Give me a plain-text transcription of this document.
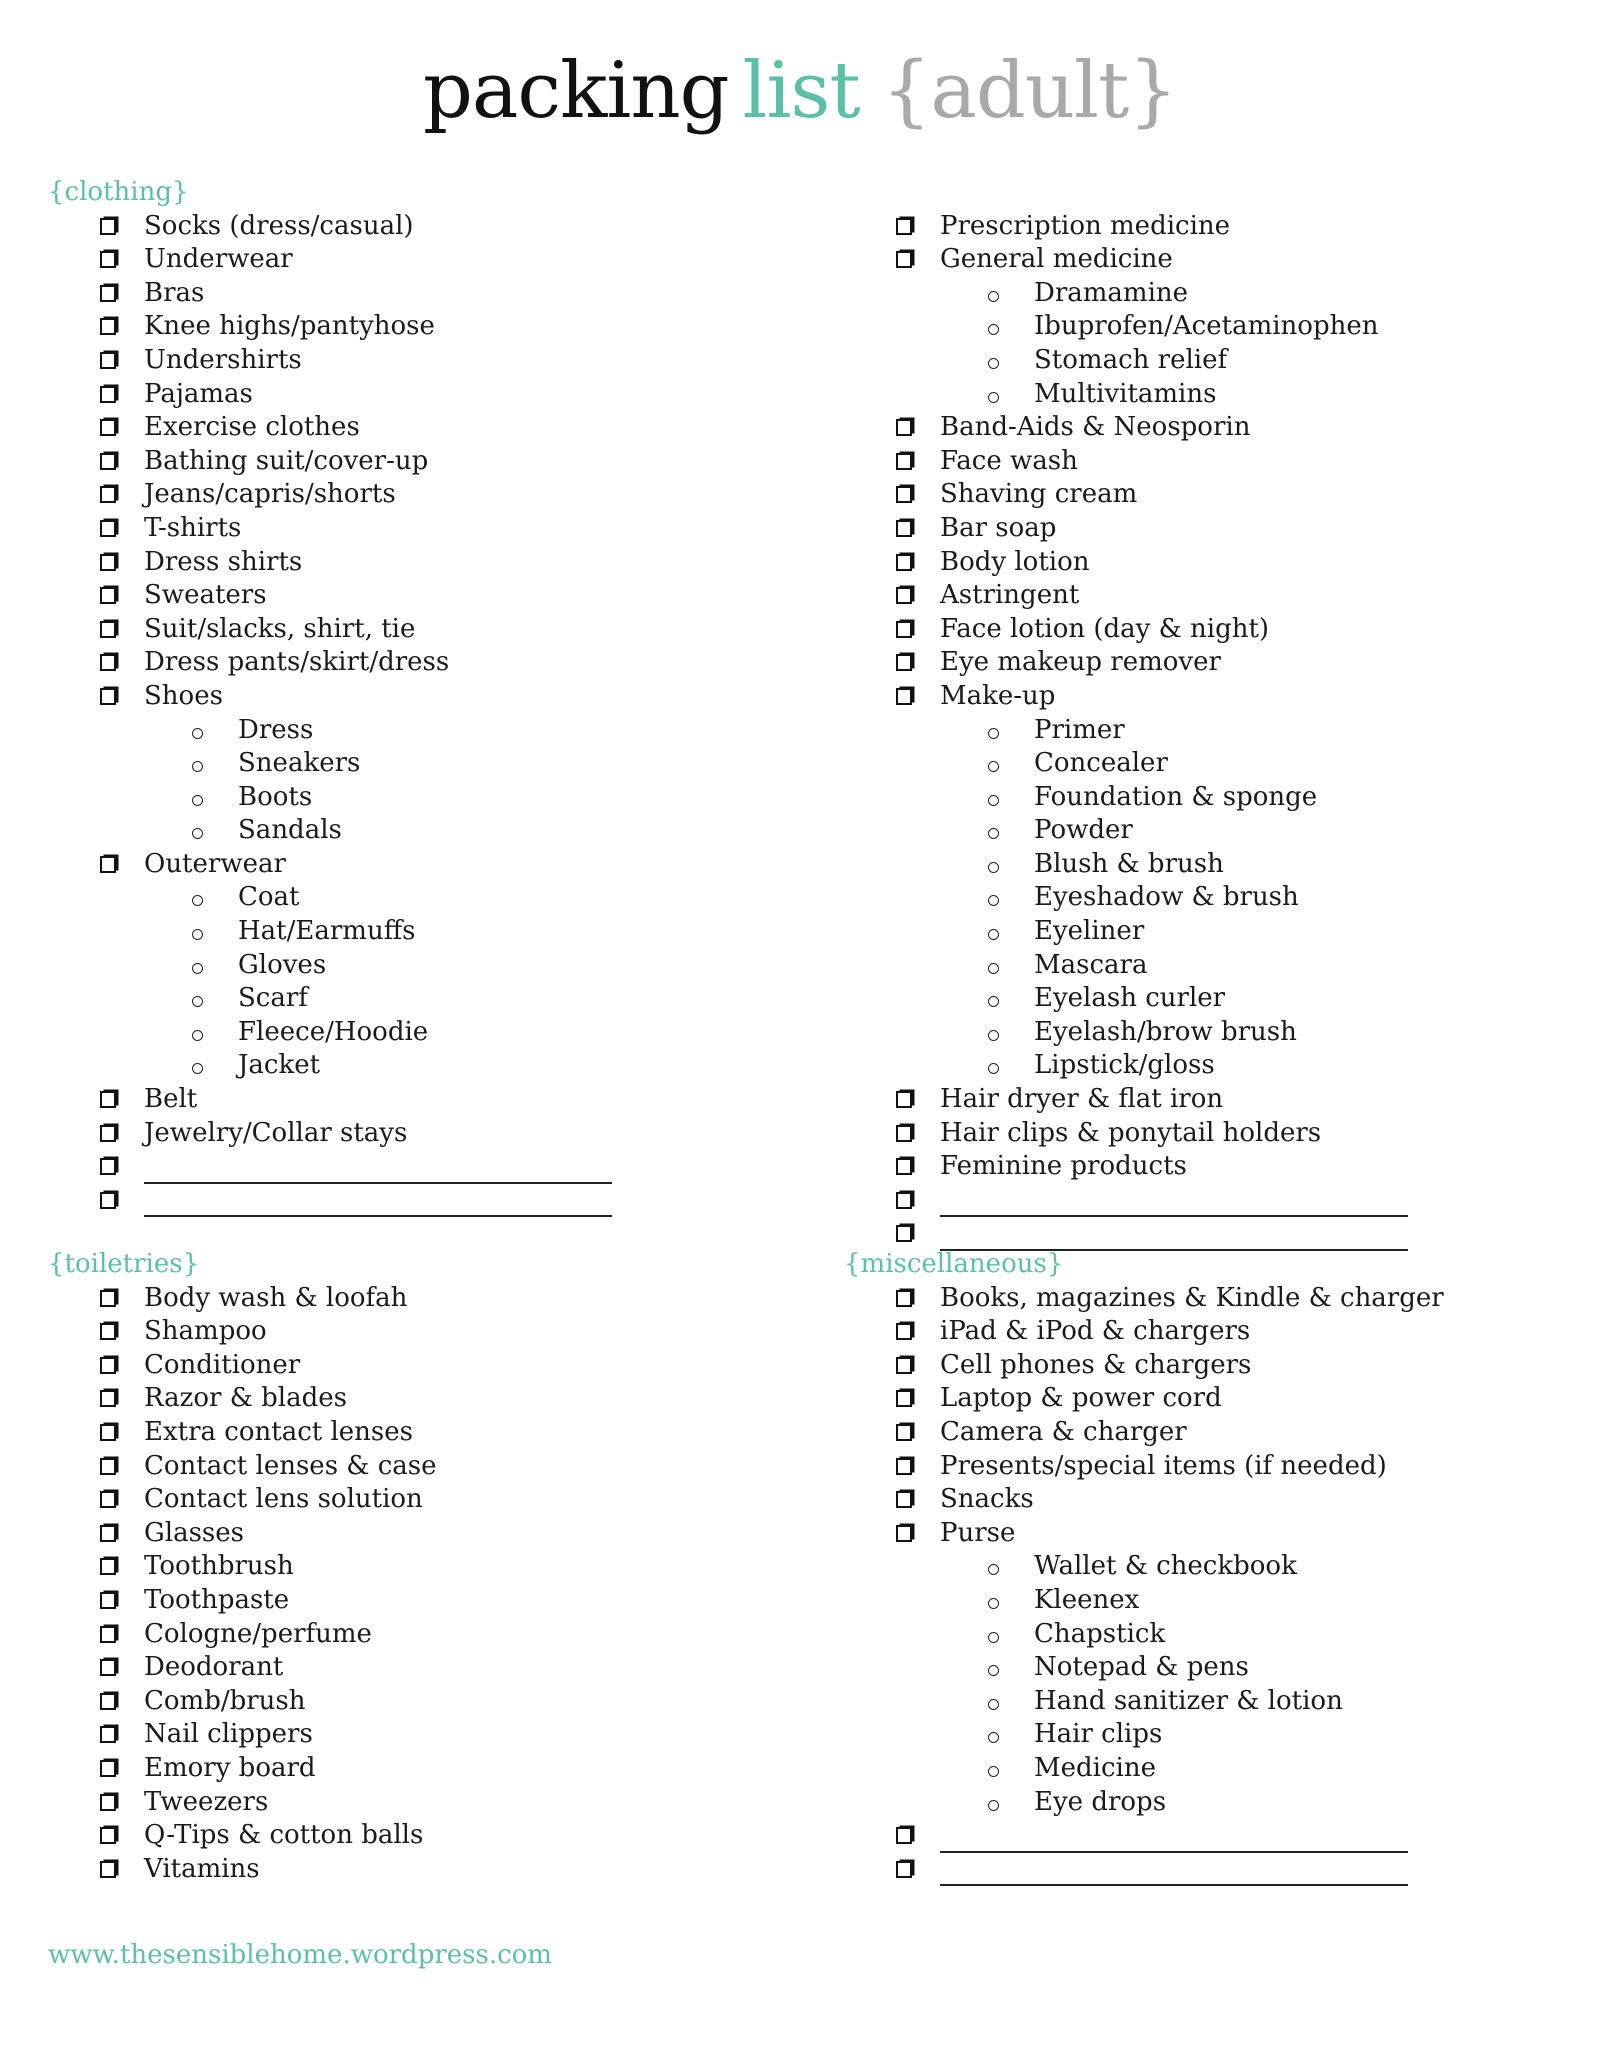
packing list {adult}
{clothing}
Socks (dress/casual)
Underwear
Bras
Knee highs/pantyhose
Undershirts
Pajamas
Exercise clothes
Bathing suit/cover-up
Jeans/capris/shorts
T-shirts
Dress shirts
Sweaters
Suit/slacks, shirt, tie
Dress pants/skirt/dress
Shoes
Dress
Sneakers
Boots
Sandals
Outerwear
Coat
Hat/Earmuffs
Gloves
Scarf
Fleece/Hoodie
Jacket
Belt
Jewelry/Collar stays
Prescription medicine
General medicine
Dramamine
Ibuprofen/Acetaminophen
Stomach relief
Multivitamins
Band-Aids & Neosporin
Face wash
Shaving cream
Bar soap
Body lotion
Astringent
Face lotion (day & night)
Eye makeup remover
Make-up
Primer
Concealer
Foundation & sponge
Powder
Blush & brush
Eyeshadow & brush
Eyeliner
Mascara
Eyelash curler
Eyelash/brow brush
Lipstick/gloss
Hair dryer & flat iron
Hair clips & ponytail holders
Feminine products
{toiletries}
Body wash & loofah
Shampoo
Conditioner
Razor & blades
Extra contact lenses
Contact lenses & case
Contact lens solution
Glasses
Toothbrush
Toothpaste
Cologne/perfume
Deodorant
Comb/brush
Nail clippers
Emory board
Tweezers
Q-Tips & cotton balls
Vitamins
{miscellaneous}
Books, magazines & Kindle & charger
iPad & iPod & chargers
Cell phones & chargers
Laptop & power cord
Camera & charger
Presents/special items (if needed)
Snacks
Purse
Wallet & checkbook
Kleenex
Chapstick
Notepad & pens
Hand sanitizer & lotion
Hair clips
Medicine
Eye drops
www.thesensiblehome.wordpress.com
